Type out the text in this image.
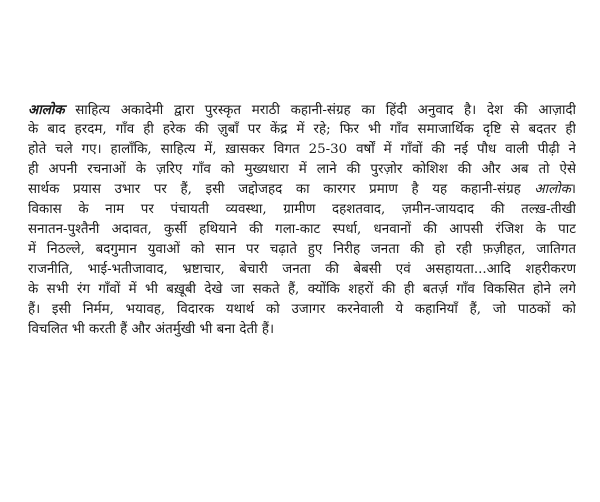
आलोक साहित्य अकादेमी द्वारा पुरस्कृत मराठी कहानी-संग्रह का हिंदी अनुवाद है। देश की आज़ादी
के बाद हरदम, गाँव ही हरेक की ज़ुबाँ पर केंद्र में रहे; फिर भी गाँव समाजार्थिक दृष्टि से बदतर ही
होते चले गए। हालाँकि, साहित्य में, ख़ासकर विगत 25-30 वर्षों में गाँवों की नई पौध वाली पीढ़ी ने
ही अपनी रचनाओं के ज़रिए गाँव को मुख्यधारा में लाने की पुरज़ोर कोशिश की और अब तो ऐसे
सार्थक प्रयास उभार पर हैं, इसी जद्दोजहद का कारगर प्रमाण है यह कहानी-संग्रह आलोक।
विकास के नाम पर पंचायती व्यवस्था, ग्रामीण दहशतवाद, ज़मीन-जायदाद की तल्ख़-तीखी
सनातन-पुश्तैनी अदावत, कुर्सी हथियाने की गला-काट स्पर्धा, धनवानों की आपसी रंजिश के पाट
में निठल्ले, बदगुमान युवाओं को सान पर चढ़ाते हुए निरीह जनता की हो रही फ़ज़ीहत, जातिगत
राजनीति, भाई-भतीजावाद, भ्रष्टाचार, बेचारी जनता की बेबसी एवं असहायता...आदि शहरीकरण
के सभी रंग गाँवों में भी बख़ूबी देखे जा सकते हैं, क्योंकि शहरों की ही बतर्ज़ गाँव विकसित होने लगे
हैं। इसी निर्मम, भयावह, विदारक यथार्थ को उजागर करनेवाली ये कहानियाँ हैं, जो पाठकों को
विचलित भी करती हैं और अंतर्मुखी भी बना देती हैं।
